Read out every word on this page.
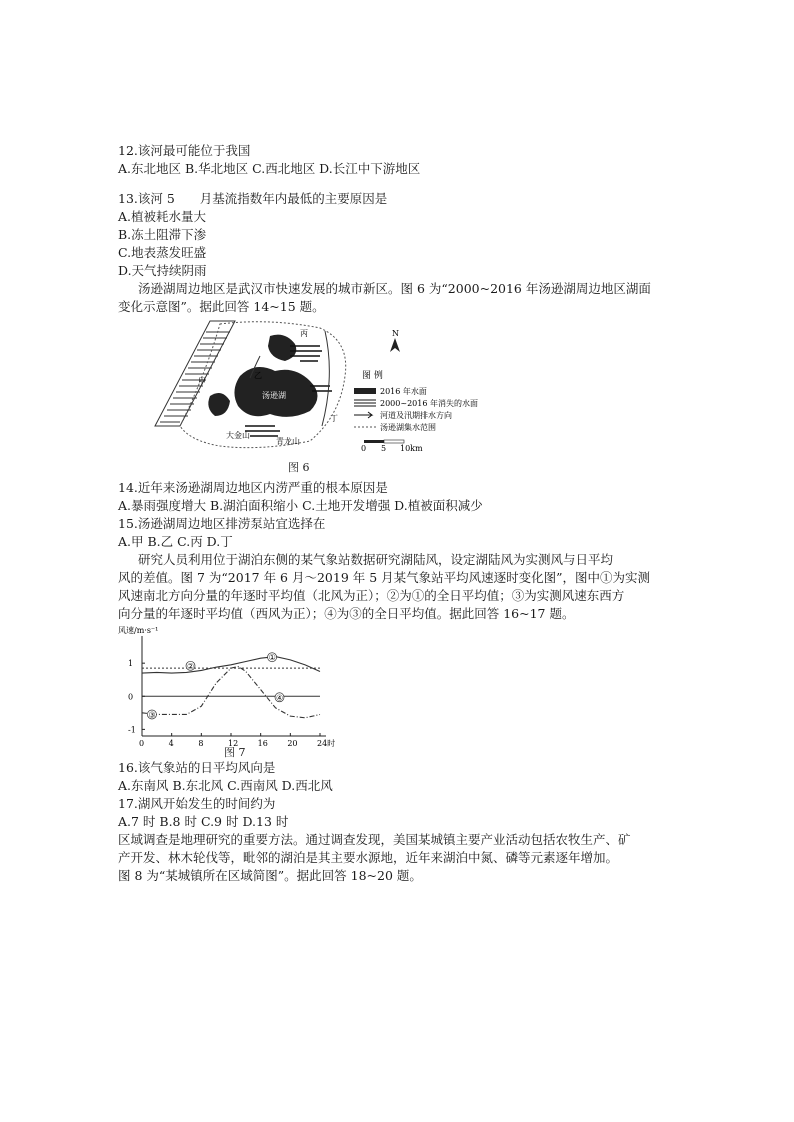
12.该河最可能位于我国
A.东北地区 B.华北地区 C.西北地区 D.长江中下游地区
13.该河 5　　月基流指数年内最低的主要原因是
A.植被耗水量大
B.冻土阻滞下渗
C.地表蒸发旺盛
D.天气持续阴雨
汤逊湖周边地区是武汉市快速发展的城市新区。图 6 为“2000~2016 年汤逊湖周边地区湖面
变化示意图”。据此回答 14~15 题。
甲
乙
丙
丁
汤逊湖
大金山
青龙山
N
图 例
2016 年水面
2000~2016 年消失的水面
河道及汛期排水方向
汤逊湖集水范围
0 5 10km
图 6
14.近年来汤逊湖周边地区内涝严重的根本原因是
A.暴雨强度增大 B.湖泊面积缩小 C.土地开发增强 D.植被面积减少
15.汤逊湖周边地区排涝泵站宜选择在
A.甲 B.乙 C.丙 D.丁
研究人员利用位于湖泊东侧的某气象站数据研究湖陆风，设定湖陆风为实测风与日平均
风的差值。图 7 为“2017 年 6 月～2019 年 5 月某气象站平均风速逐时变化图”，图中①为实测
风速南北方向分量的年逐时平均值（北风为正）；②为①的全日平均值；③为实测风速东西方
向分量的年逐时平均值（西风为正）；④为③的全日平均值。据此回答 16~17 题。
风速/m·s⁻¹
0	4	8	12 16 20 24时
1
0
-1
①
②
③
④
图 7
16.该气象站的日平均风向是
A.东南风 B.东北风 C.西南风 D.西北风
17.湖风开始发生的时间约为
A.7 时 B.8 时 C.9 时 D.13 时
区域调查是地理研究的重要方法。通过调查发现，美国某城镇主要产业活动包括农牧生产、矿
产开发、林木轮伐等，毗邻的湖泊是其主要水源地，近年来湖泊中氮、磷等元素逐年增加。
图 8 为“某城镇所在区域简图”。据此回答 18~20 题。
